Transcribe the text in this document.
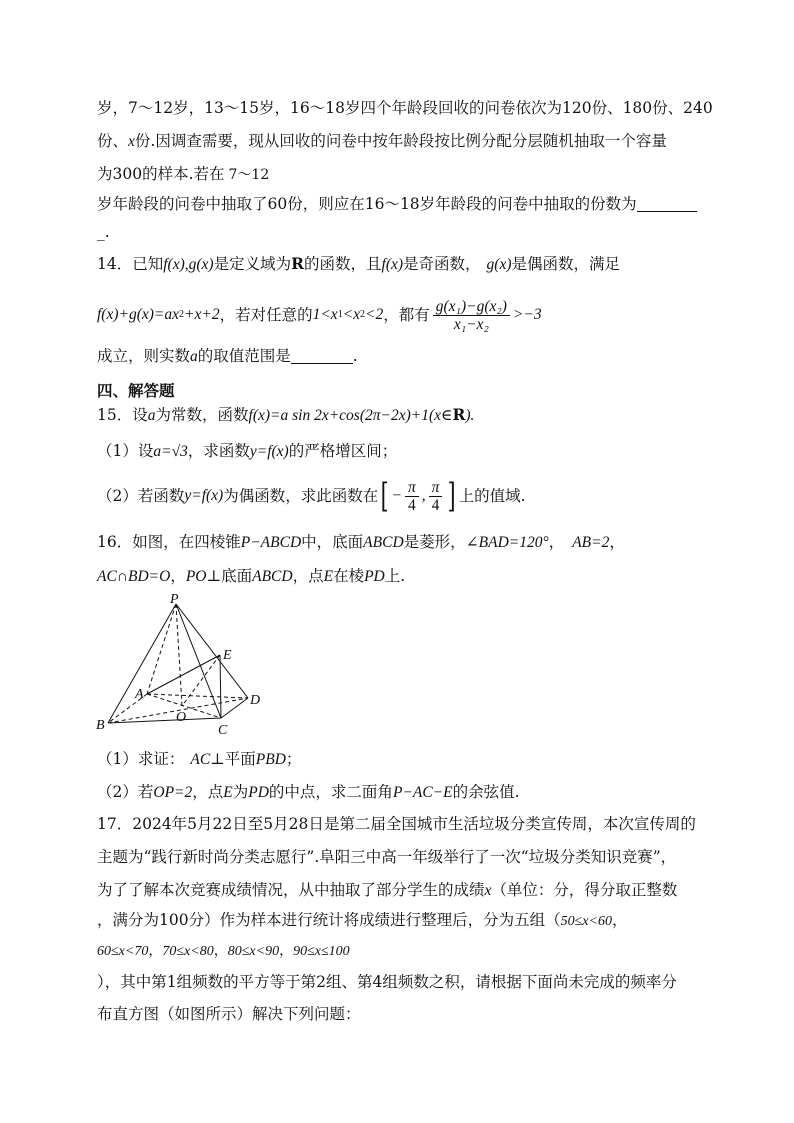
岁，7～12岁，13～15岁，16～18岁四个年龄段回收的问卷依次为120份、180份、240
份、x份.因调查需要，现从回收的问卷中按年龄段按比例分配分层随机抽取一个容量
为300的样本.若在 7～12
岁年龄段的问卷中抽取了60份，则应在16～18岁年龄段的问卷中抽取的份数为
_.
14．已知f(x),g(x)是定义域为R的函数，且f(x)是奇函数， g(x)是偶函数，满足
f(x)+g(x)=ax 2 +x+2 ，若对任意的 1<x 1 <x 2 <2 ，都有 $\frac{\text{g(x₁)−g(x₂)}}{\text{x₁−x₂}} >-3$
成立，则实数a的取值范围是	.
四、解答题
15．设a为常数，函数f(x)=a sin 2x+cos(2π−2x)+1(x∈R).
（1）设a=√3，求函数y=f(x)的严格增区间；
（2）若函数 y=f(x) 为偶函数，求此函数在 [ − $\frac{\pi}{4}$ , $\frac{\pi}{4}$ ] 上的值域.
16．如图，在四棱锥P−ABCD中，底面ABCD是菱形，∠BAD=120°， AB=2，
AC∩BD=O，PO⊥底面ABCD，点E在棱PD上.
P
E
A	D
O
B	C
（1）求证： AC⊥平面PBD；
（2）若OP=2，点E为PD的中点，求二面角P−AC−E的余弦值.
17．2024年5月22日至5月28日是第二届全国城市生活垃圾分类宣传周，本次宣传周的
主题为“践行新时尚分类志愿行”.阜阳三中高一年级举行了一次“垃圾分类知识竞赛”，
为了了解本次竞赛成绩情况，从中抽取了部分学生的成绩x（单位：分，得分取正整数
，满分为100分）作为样本进行统计将成绩进行整理后，分为五组（50≤x<60，
60≤x<70，70≤x<80，80≤x<90，90≤x≤100
），其中第1组频数的平方等于第2组、第4组频数之积，请根据下面尚未完成的频率分
布直方图（如图所示）解决下列问题：
